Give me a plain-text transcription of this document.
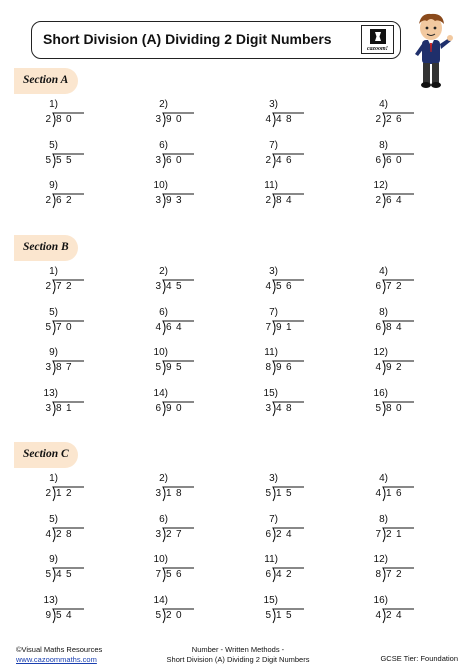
Short Division (A) Dividing 2 Digit Numbers
cazoom!
Section A
1)
2 80
2)
3 90
3)
4 48
4)
2 26
5)
5 55
6)
3 60
7)
2 46
8)
6 60
9)
2 62
10)
3 93
11)
2 84
12)
2 64
Section B
1)
2 72
2)
3 45
3)
4 56
4)
6 72
5)
5 70
6)
4 64
7)
7 91
8)
6 84
9)
3 87
10)
5 95
11)
8 96
12)
4 92
13)
3 81
14)
6 90
15)
3 48
16)
5 80
Section C
1)
2 12
2)
3 18
3)
5 15
4)
4 16
5)
4 28
6)
3 27
7)
6 24
8)
7 21
9)
5 45
10)
7 56
11)
6 42
12)
8 72
13)
9 54
14)
5 20
15)
5 15
16)
4 24
©Visual Maths Resources
www.cazoommaths.com
Number - Written Methods -
Short Division (A) Dividing 2 Digit Numbers	GCSE Tier: Foundation
